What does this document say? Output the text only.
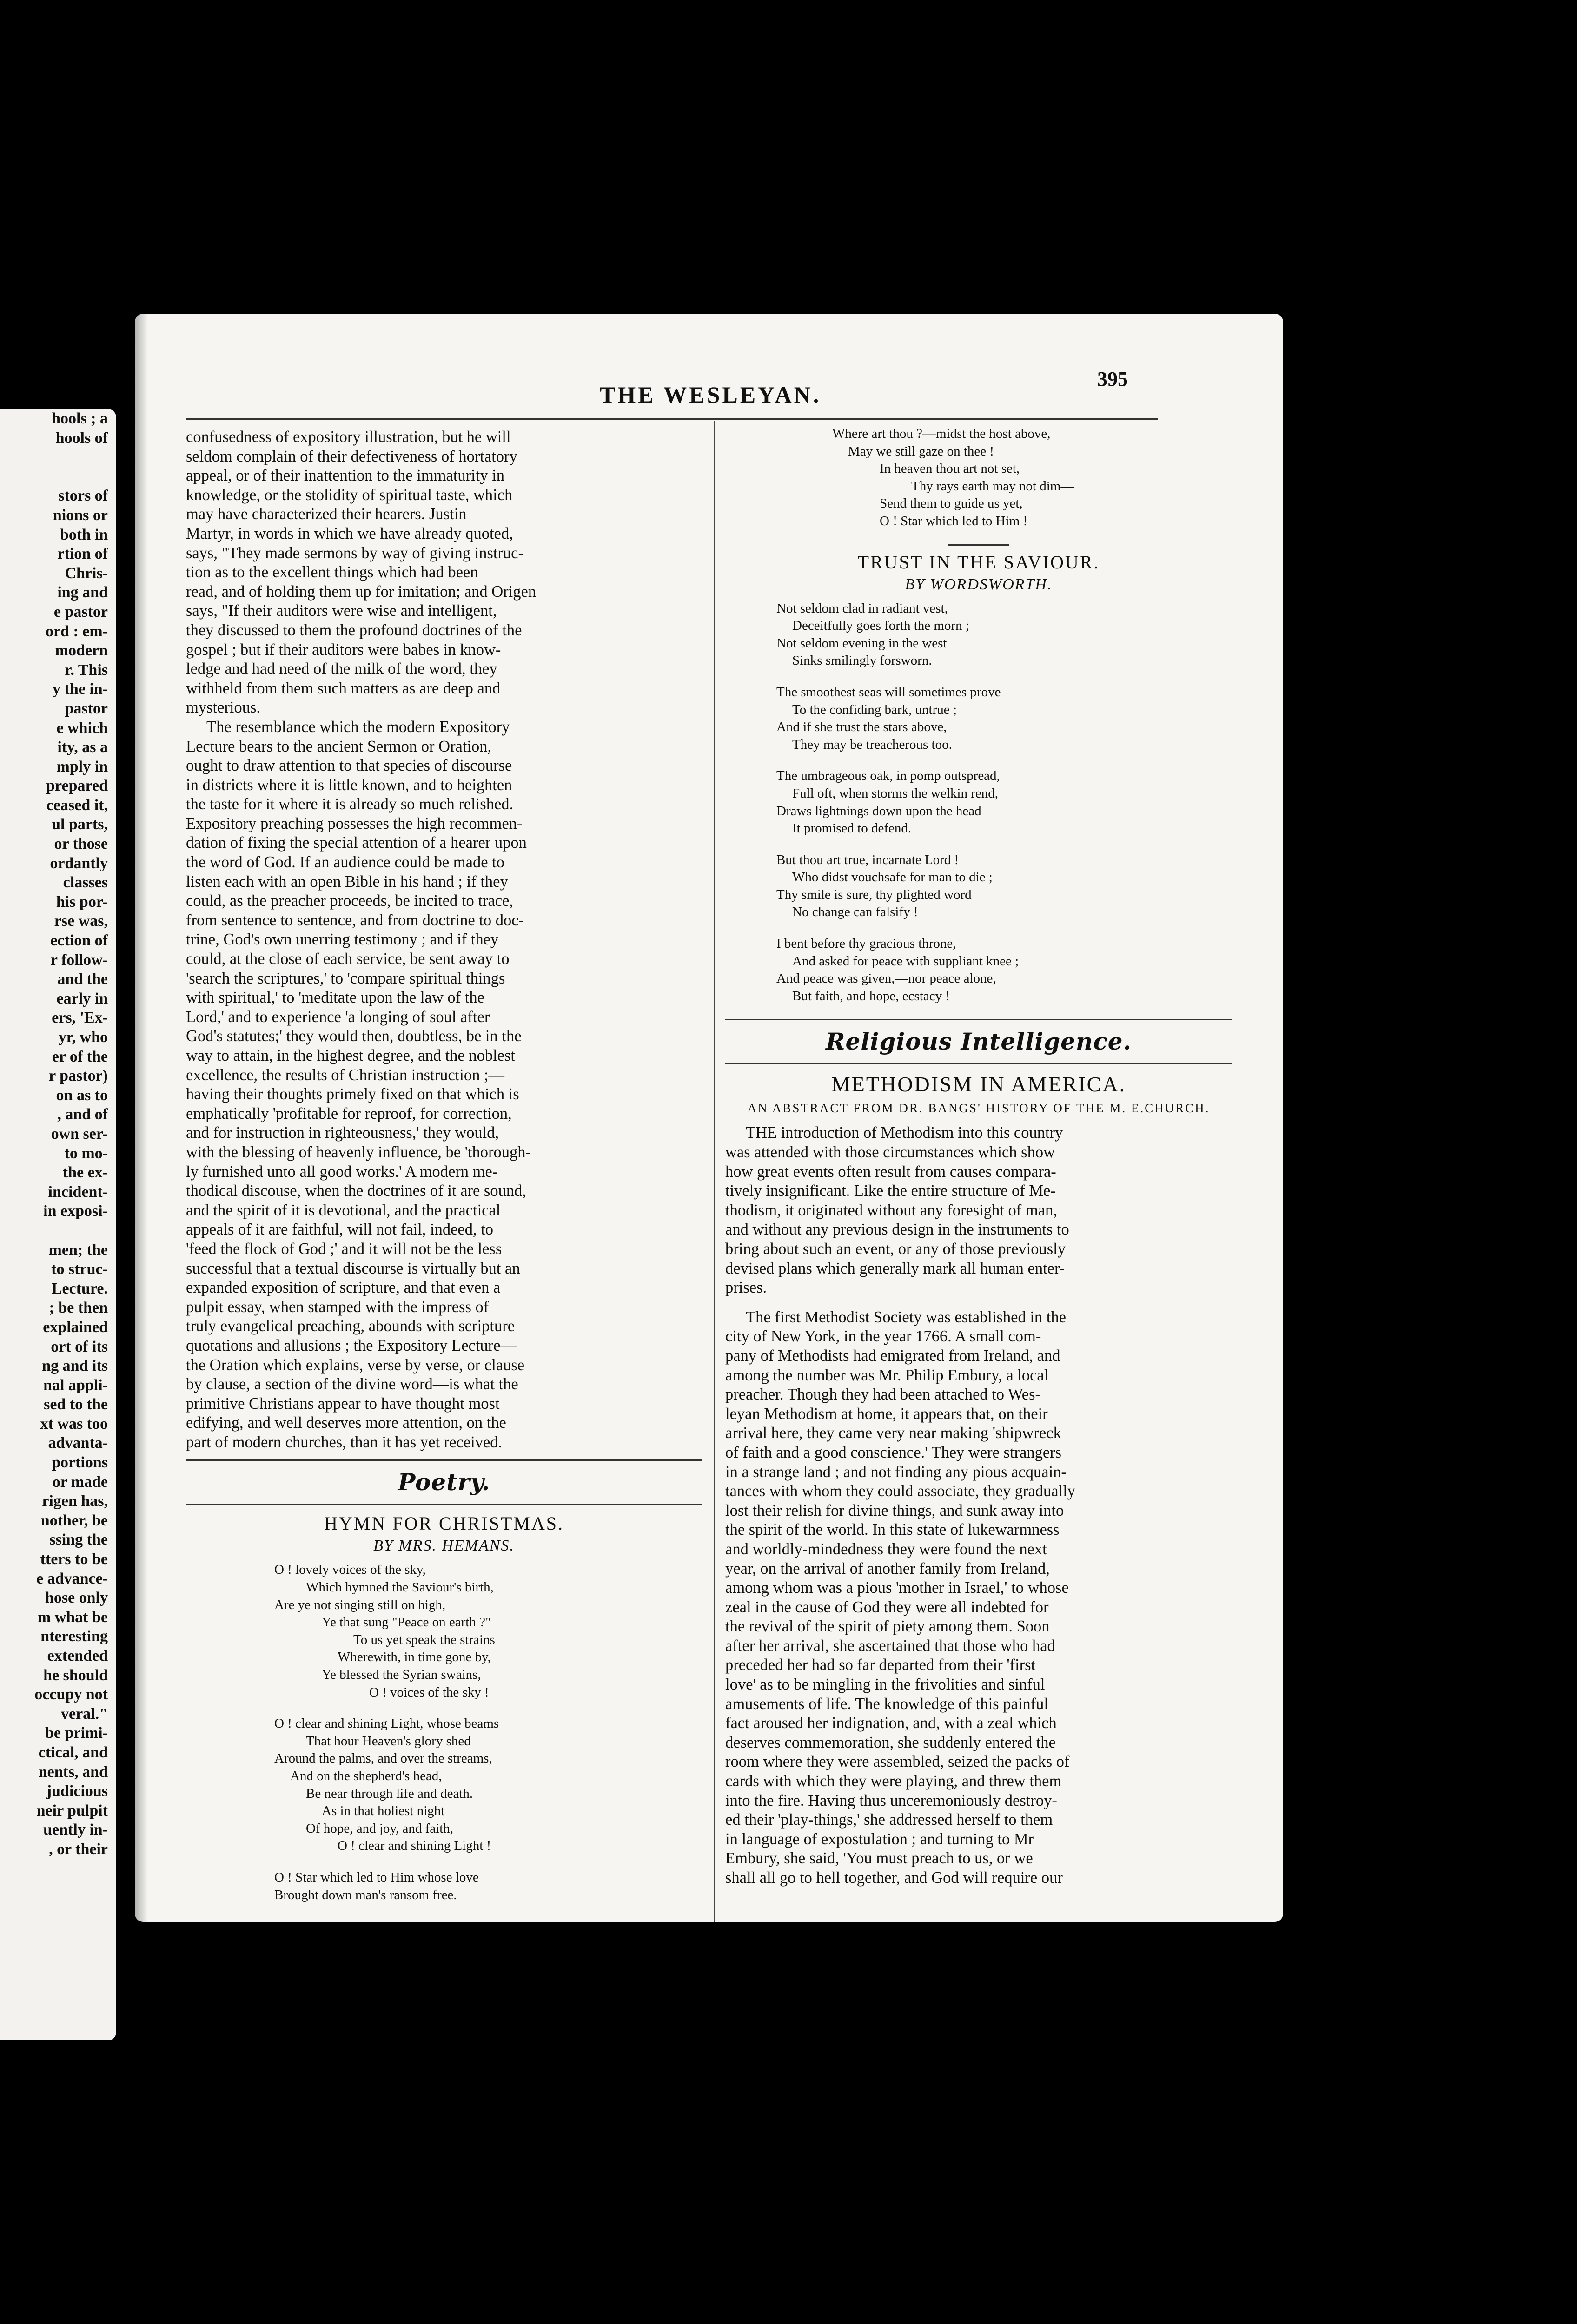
hools ; a
hools of

stors of
nions or
both in
rtion of
Chris-
ing and
e pastor
ord : em-
modern
r. This
y the in-
pastor
e which
ity, as a
mply in
prepared
ceased it,
ul parts,
or those
ordantly
classes
his por-
rse was,
ection of
r follow-
and the
early in
ers, 'Ex-
yr, who
er of the
r pastor)
on as to
, and of
own ser-
to mo-
the ex-
incident-
in exposi-

men; the
to struc-
Lecture.
; be then
explained
ort of its
ng and its
nal appli-
sed to the
xt was too
advanta-
portions
or made
rigen has,
nother, be
ssing the
tters to be
e advance-
hose only
m what be
nteresting
extended
he should
occupy not
veral."
be primi-
ctical, and
nents, and
judicious
neir pulpit
uently in-
, or their
THE WESLEYAN.
395
confusedness of expository illustration, but he will
seldom complain of their defectiveness of hortatory
appeal, or of their inattention to the immaturity in
knowledge, or the stolidity of spiritual taste, which
may have characterized their hearers. Justin
Martyr, in words in which we have already quoted,
says, "They made sermons by way of giving instruc-
tion as to the excellent things which had been
read, and of holding them up for imitation; and Origen
says, "If their auditors were wise and intelligent,
they discussed to them the profound doctrines of the
gospel ; but if their auditors were babes in know-
ledge and had need of the milk of the word, they
withheld from them such matters as are deep and
mysterious.
The resemblance which the modern Expository
Lecture bears to the ancient Sermon or Oration,
ought to draw attention to that species of discourse
in districts where it is little known, and to heighten
the taste for it where it is already so much relished.
Expository preaching possesses the high recommen-
dation of fixing the special attention of a hearer upon
the word of God. If an audience could be made to
listen each with an open Bible in his hand ; if they
could, as the preacher proceeds, be incited to trace,
from sentence to sentence, and from doctrine to doc-
trine, God's own unerring testimony ; and if they
could, at the close of each service, be sent away to
'search the scriptures,' to 'compare spiritual things
with spiritual,' to 'meditate upon the law of the
Lord,' and to experience 'a longing of soul after
God's statutes;' they would then, doubtless, be in the
way to attain, in the highest degree, and the noblest
excellence, the results of Christian instruction ;—
having their thoughts primely fixed on that which is
emphatically 'profitable for reproof, for correction,
and for instruction in righteousness,' they would,
with the blessing of heavenly influence, be 'thorough-
ly furnished unto all good works.' A modern me-
thodical discouse, when the doctrines of it are sound,
and the spirit of it is devotional, and the practical
appeals of it are faithful, will not fail, indeed, to
'feed the flock of God ;' and it will not be the less
successful that a textual discourse is virtually but an
expanded exposition of scripture, and that even a
pulpit essay, when stamped with the impress of
truly evangelical preaching, abounds with scripture
quotations and allusions ; the Expository Lecture—
the Oration which explains, verse by verse, or clause
by clause, a section of the divine word—is what the
primitive Christians appear to have thought most
edifying, and well deserves more attention, on the
part of modern churches, than it has yet received.
Poetry.
HYMN FOR CHRISTMAS.
BY MRS. HEMANS.
O ! lovely voices of the sky,
Which hymned the Saviour's birth,
Are ye not singing still on high,
Ye that sung "Peace on earth ?"
To us yet speak the strains
Wherewith, in time gone by,
Ye blessed the Syrian swains,
O ! voices of the sky !
O ! clear and shining Light, whose beams
That hour Heaven's glory shed
Around the palms, and over the streams,
And on the shepherd's head,
Be near through life and death.
As in that holiest night
Of hope, and joy, and faith,
O ! clear and shining Light !
O ! Star which led to Him whose love
Brought down man's ransom free.
Where art thou ?—midst the host above,
May we still gaze on thee !
In heaven thou art not set,
Thy rays earth may not dim—
Send them to guide us yet,
O ! Star which led to Him !
TRUST IN THE SAVIOUR.
BY WORDSWORTH.
Not seldom clad in radiant vest,
Deceitfully goes forth the morn ;
Not seldom evening in the west
Sinks smilingly forsworn.
The smoothest seas will sometimes prove
To the confiding bark, untrue ;
And if she trust the stars above,
They may be treacherous too.
The umbrageous oak, in pomp outspread,
Full oft, when storms the welkin rend,
Draws lightnings down upon the head
It promised to defend.
But thou art true, incarnate Lord !
Who didst vouchsafe for man to die ;
Thy smile is sure, thy plighted word
No change can falsify !
I bent before thy gracious throne,
And asked for peace with suppliant knee ;
And peace was given,—nor peace alone,
But faith, and hope, ecstacy !
Religious Intelligence.
METHODISM IN AMERICA.
AN ABSTRACT FROM DR. BANGS' HISTORY OF THE M. E.CHURCH.
THE introduction of Methodism into this country
was attended with those circumstances which show
how great events often result from causes compara-
tively insignificant. Like the entire structure of Me-
thodism, it originated without any foresight of man,
and without any previous design in the instruments to
bring about such an event, or any of those previously
devised plans which generally mark all human enter-
prises.
The first Methodist Society was established in the
city of New York, in the year 1766. A small com-
pany of Methodists had emigrated from Ireland, and
among the number was Mr. Philip Embury, a local
preacher. Though they had been attached to Wes-
leyan Methodism at home, it appears that, on their
arrival here, they came very near making 'shipwreck
of faith and a good conscience.' They were strangers
in a strange land ; and not finding any pious acquain-
tances with whom they could associate, they gradually
lost their relish for divine things, and sunk away into
the spirit of the world. In this state of lukewarmness
and worldly-mindedness they were found the next
year, on the arrival of another family from Ireland,
among whom was a pious 'mother in Israel,' to whose
zeal in the cause of God they were all indebted for
the revival of the spirit of piety among them. Soon
after her arrival, she ascertained that those who had
preceded her had so far departed from their 'first
love' as to be mingling in the frivolities and sinful
amusements of life. The knowledge of this painful
fact aroused her indignation, and, with a zeal which
deserves commemoration, she suddenly entered the
room where they were assembled, seized the packs of
cards with which they were playing, and threw them
into the fire. Having thus unceremoniously destroy-
ed their 'play-things,' she addressed herself to them
in language of expostulation ; and turning to Mr
Embury, she said, 'You must preach to us, or we
shall all go to hell together, and God will require our
